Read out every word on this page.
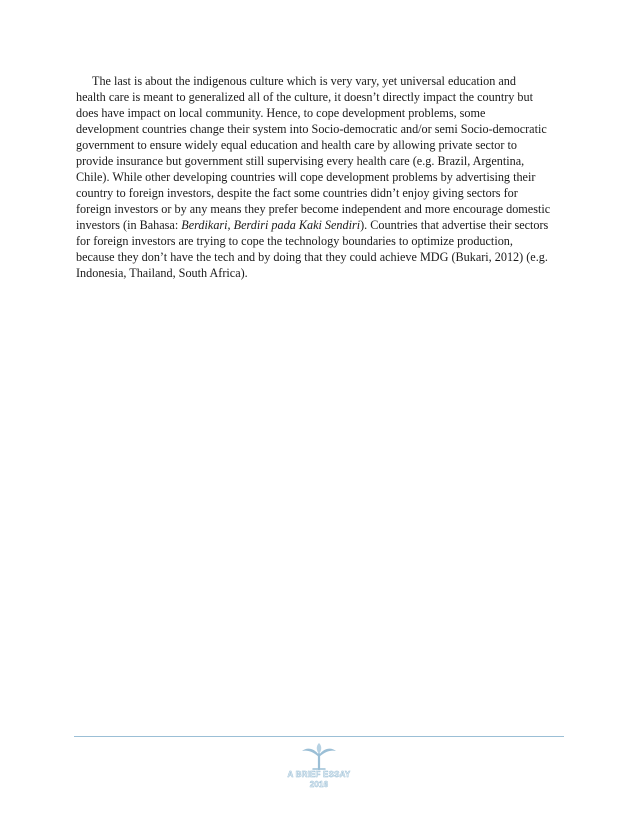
The last is about the indigenous culture which is very vary, yet universal education and
health care is meant to generalized all of the culture, it doesn’t directly impact the country but
does have impact on local community. Hence, to cope development problems, some
development countries change their system into Socio-democratic and/or semi Socio-democratic
government to ensure widely equal education and health care by allowing private sector to
provide insurance but government still supervising every health care (e.g. Brazil, Argentina,
Chile). While other developing countries will cope development problems by advertising their
country to foreign investors, despite the fact some countries didn’t enjoy giving sectors for
foreign investors or by any means they prefer become independent and more encourage domestic
investors (in Bahasa: Berdikari, Berdiri pada Kaki Sendiri). Countries that advertise their sectors
for foreign investors are trying to cope the technology boundaries to optimize production,
because they don’t have the tech and by doing that they could achieve MDG (Bukari, 2012) (e.g.
Indonesia, Thailand, South Africa).

A BRIEF ESSAY
2016
